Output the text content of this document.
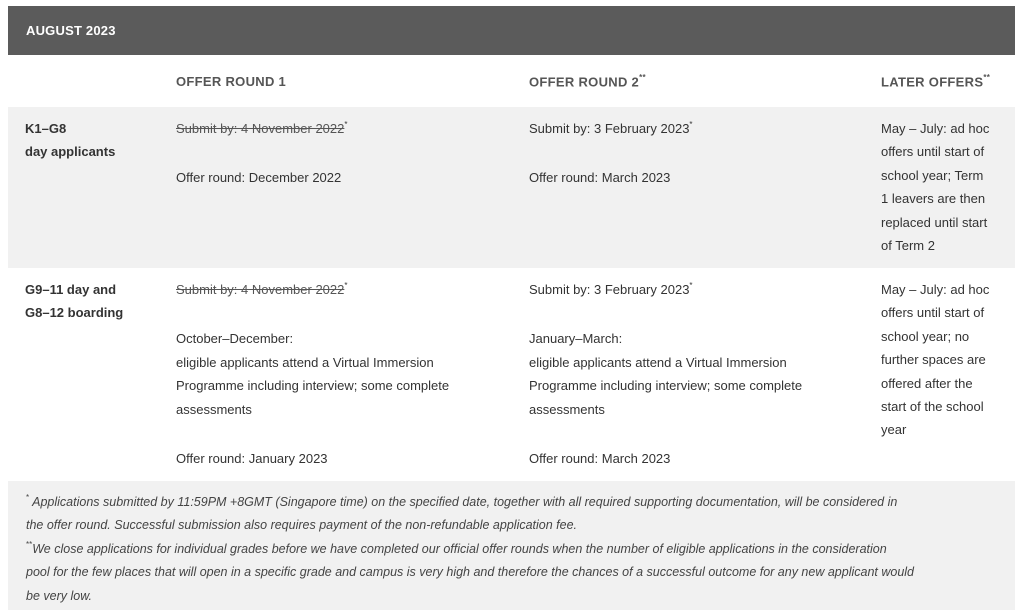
AUGUST 2023
OFFER ROUND 1	OFFER ROUND 2**	LATER OFFERS**
K1–G8
day applicants
Submit by: 4 November 2022*
Offer round: December 2022
Submit by: 3 February 2023*
Offer round: March 2023
May – July: ad hoc
offers until start of
school year; Term
1 leavers are then
replaced until start
of Term 2
G9–11 day and
G8–12 boarding
Submit by: 4 November 2022*
October–December:
eligible applicants attend a Virtual Immersion
Programme including interview; some complete
assessments
Offer round: January 2023
Submit by: 3 February 2023*
January–March:
eligible applicants attend a Virtual Immersion
Programme including interview; some complete
assessments
Offer round: March 2023
May – July: ad hoc
offers until start of
school year; no
further spaces are
offered after the
start of the school
year
* Applications submitted by 11:59PM +8GMT (Singapore time) on the specified date, together with all required supporting documentation, will be considered in
the offer round. Successful submission also requires payment of the non-refundable application fee.
**We close applications for individual grades before we have completed our official offer rounds when the number of eligible applications in the consideration
pool for the few places that will open in a specific grade and campus is very high and therefore the chances of a successful outcome for any new applicant would
be very low.
